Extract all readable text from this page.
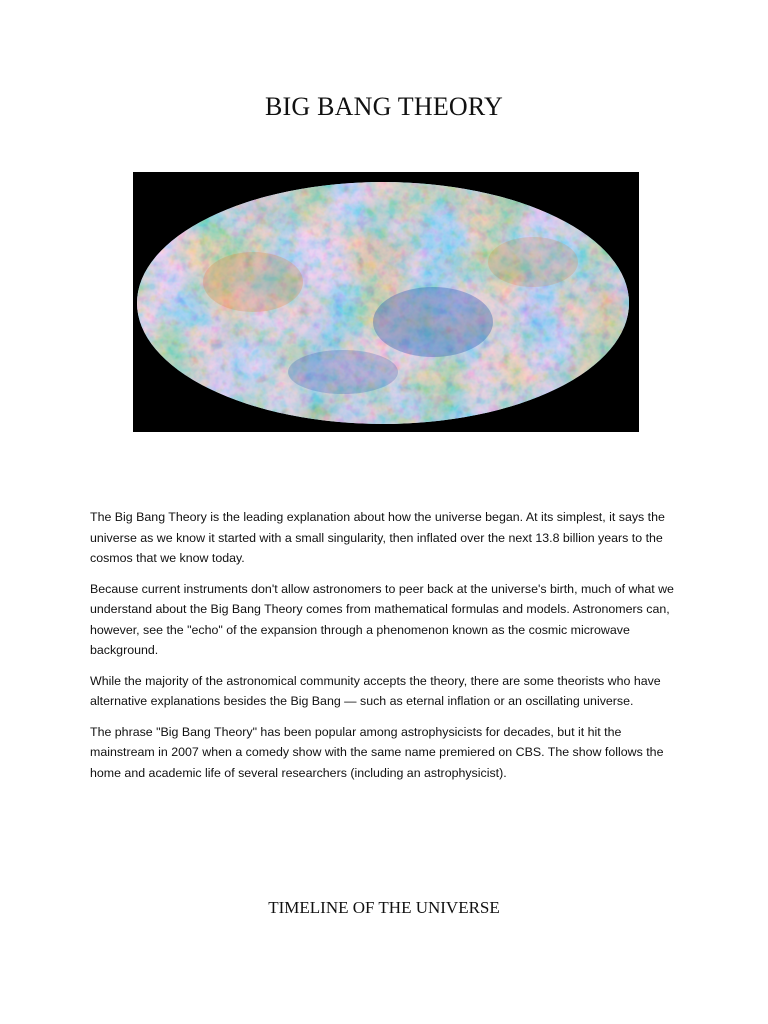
BIG BANG THEORY

The Big Bang Theory is the leading explanation about how the universe began. At its simplest, it says the universe as we know it started with a small singularity, then inflated over the next 13.8 billion years to the cosmos that we know today.

Because current instruments don't allow astronomers to peer back at the universe's birth, much of what we understand about the Big Bang Theory comes from mathematical formulas and models. Astronomers can, however, see the "echo" of the expansion through a phenomenon known as the cosmic microwave background.

While the majority of the astronomical community accepts the theory, there are some theorists who have alternative explanations besides the Big Bang — such as eternal inflation or an oscillating universe.

The phrase "Big Bang Theory" has been popular among astrophysicists for decades, but it hit the mainstream in 2007 when a comedy show with the same name premiered on CBS. The show follows the home and academic life of several researchers (including an astrophysicist).

TIMELINE OF THE UNIVERSE
